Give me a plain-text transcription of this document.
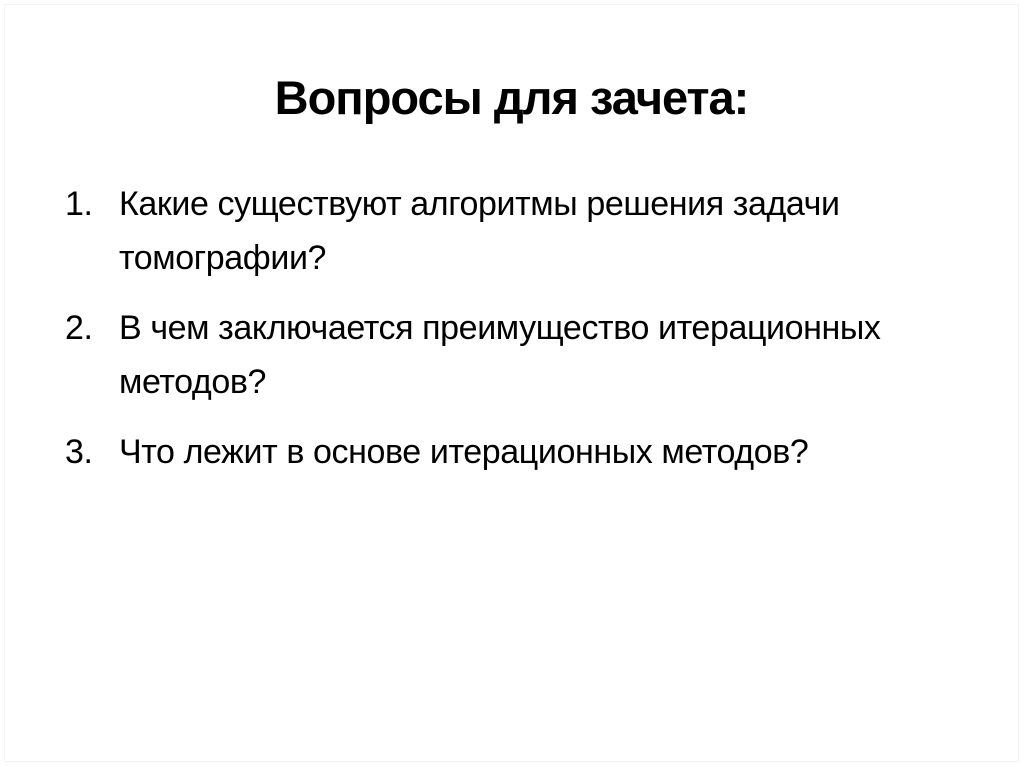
Вопросы для зачета:
1. Какие существуют алгоритмы решения задачи томографии?
2. В чем заключается преимущество итерационных методов?
3. Что лежит в основе итерационных методов?
